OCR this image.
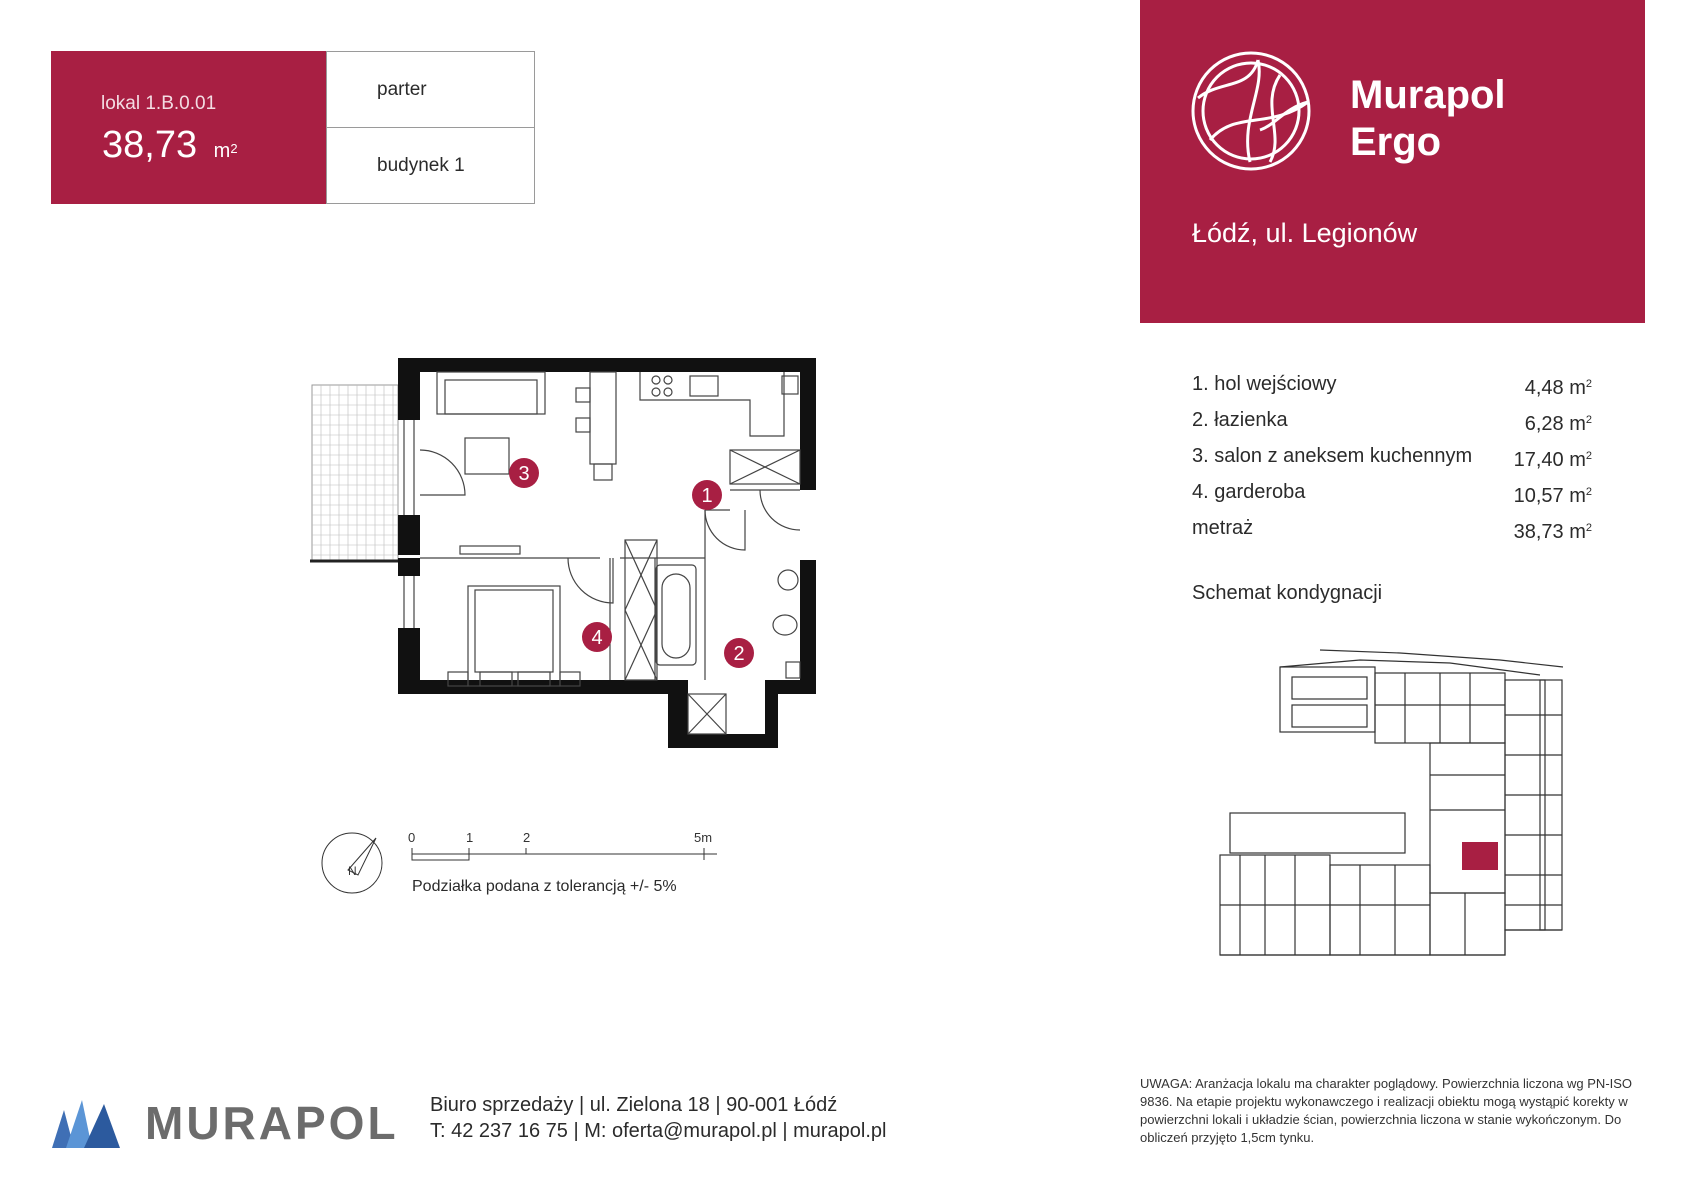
lokal 1.B.0.01
38,73 $m^2$
parter
budynek 1
Murapol
Ergo
Łódź, ul. Legionów
1. hol wejściowy	4,48 $m^2$
2. łazienka	6,28 $m^2$
3. salon z aneksem kuchennym 17,40 $m^2$
4. garderoba	10,57 $m^2$
metraż	38,73 $m^2$
Schemat kondygnacji
3
1
4
2
N
0	1	2	5m
Podziałka podana z tolerancją +/- 5%
MURAPOL Biuro sprzedaży | ul. Zielona 18 | 90-001 Łódź
T: 42 237 16 75 | M: oferta@murapol.pl | murapol.pl
UWAGA: Aranżacja lokalu ma charakter poglądowy. Powierzchnia liczona wg PN-ISO 9836. Na etapie projektu wykonawczego i realizacji obiektu mogą wystąpić korekty w powierzchni lokali i układzie ścian, powierzchnia liczona w stanie wykończonym. Do obliczeń przyjęto 1,5cm tynku.
